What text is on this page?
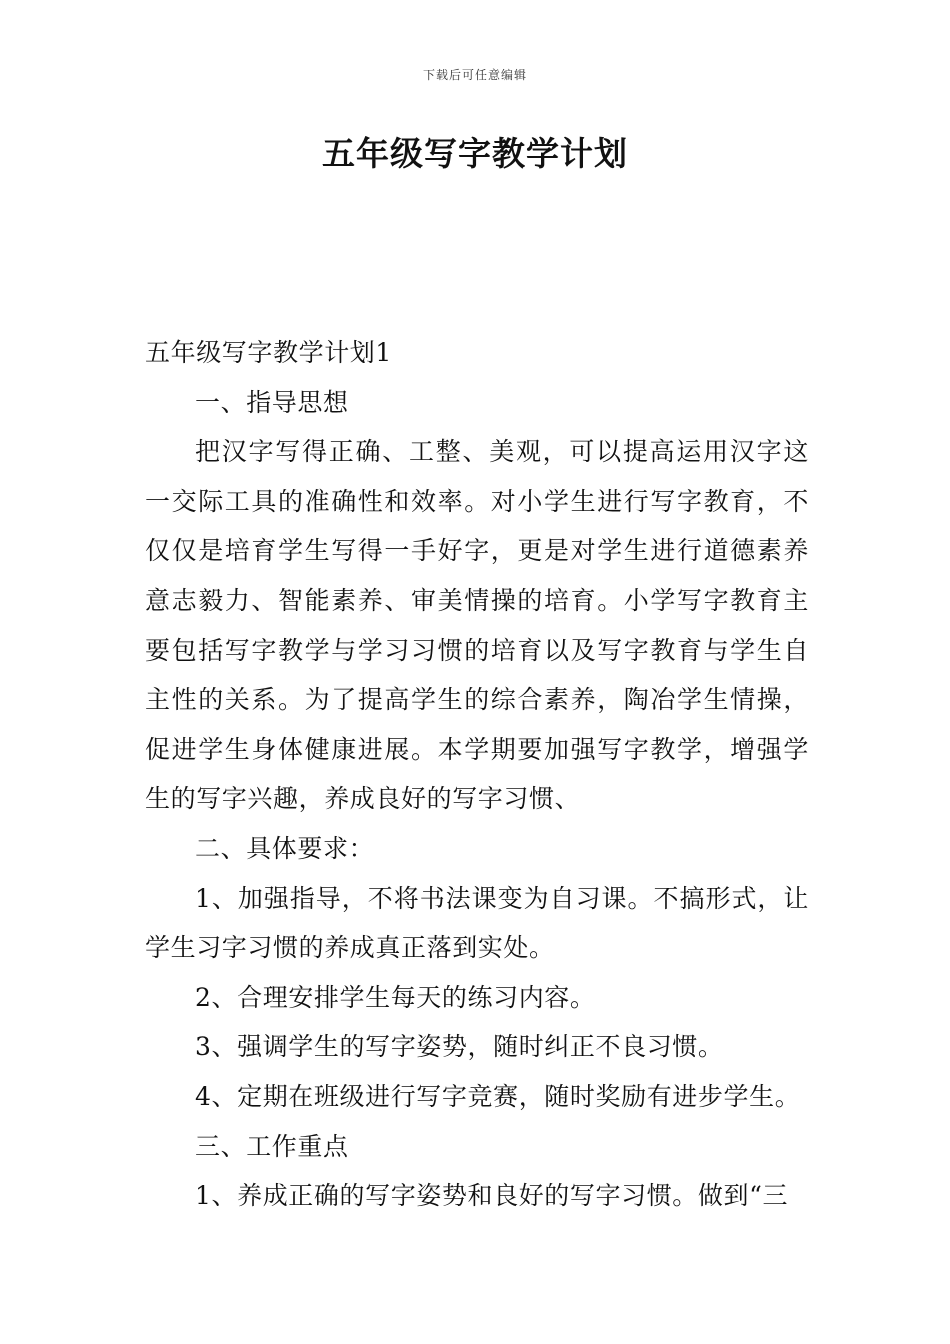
下载后可任意编辑
五年级写字教学计划

五年级写字教学计划1

一、指导思想

把汉字写得正确、工整、美观，可以提高运用汉字这一交际工具的准确性和效率。对小学生进行写字教育，不仅仅是培育学生写得一手好字，更是对学生进行道德素养意志毅力、智能素养、审美情操的培育。小学写字教育主要包括写字教学与学习习惯的培育以及写字教育与学生自主性的关系。为了提高学生的综合素养，陶冶学生情操，促进学生身体健康进展。本学期要加强写字教学，增强学生的写字兴趣，养成良好的写字习惯、

二、具体要求：

1、加强指导，不将书法课变为自习课。不搞形式，让学生习字习惯的养成真正落到实处。

2、合理安排学生每天的练习内容。

3、强调学生的写字姿势，随时纠正不良习惯。

4、定期在班级进行写字竞赛，随时奖励有进步学生。

三、工作重点

1、养成正确的写字姿势和良好的写字习惯。做到“三
